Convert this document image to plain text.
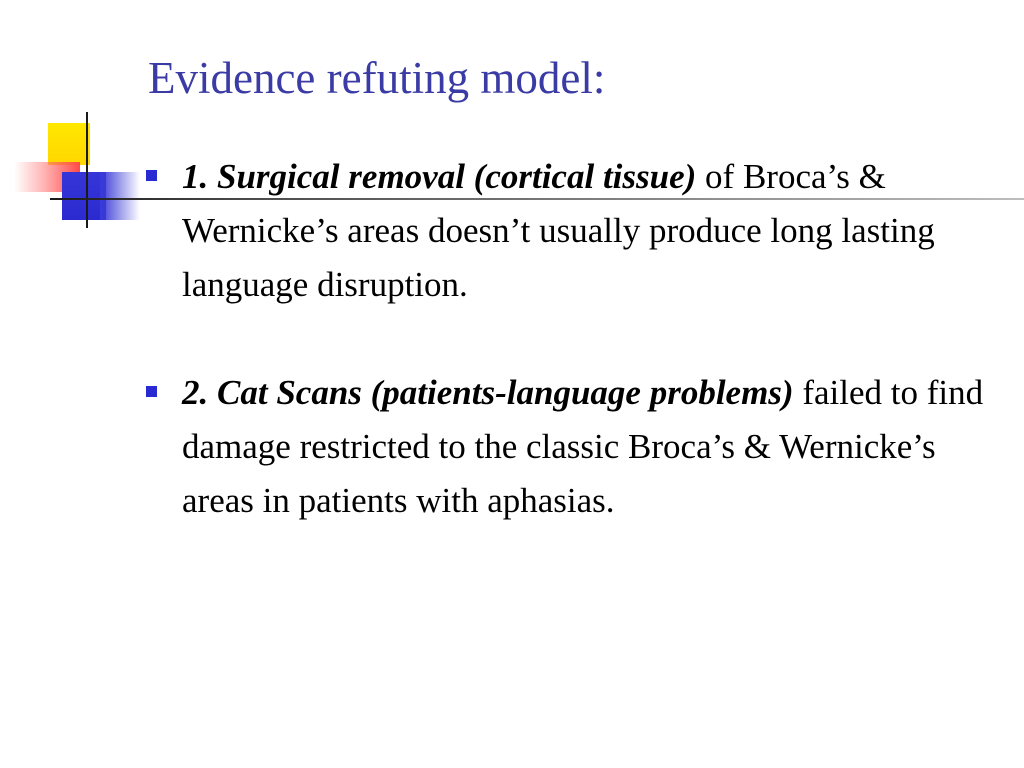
Evidence refuting model:
1. Surgical removal (cortical tissue) of Broca’s & Wernicke’s areas doesn’t usually produce long lasting language disruption.
2. Cat Scans (patients-language problems) failed to find damage restricted to the classic Broca’s & Wernicke’s areas in patients with aphasias.
